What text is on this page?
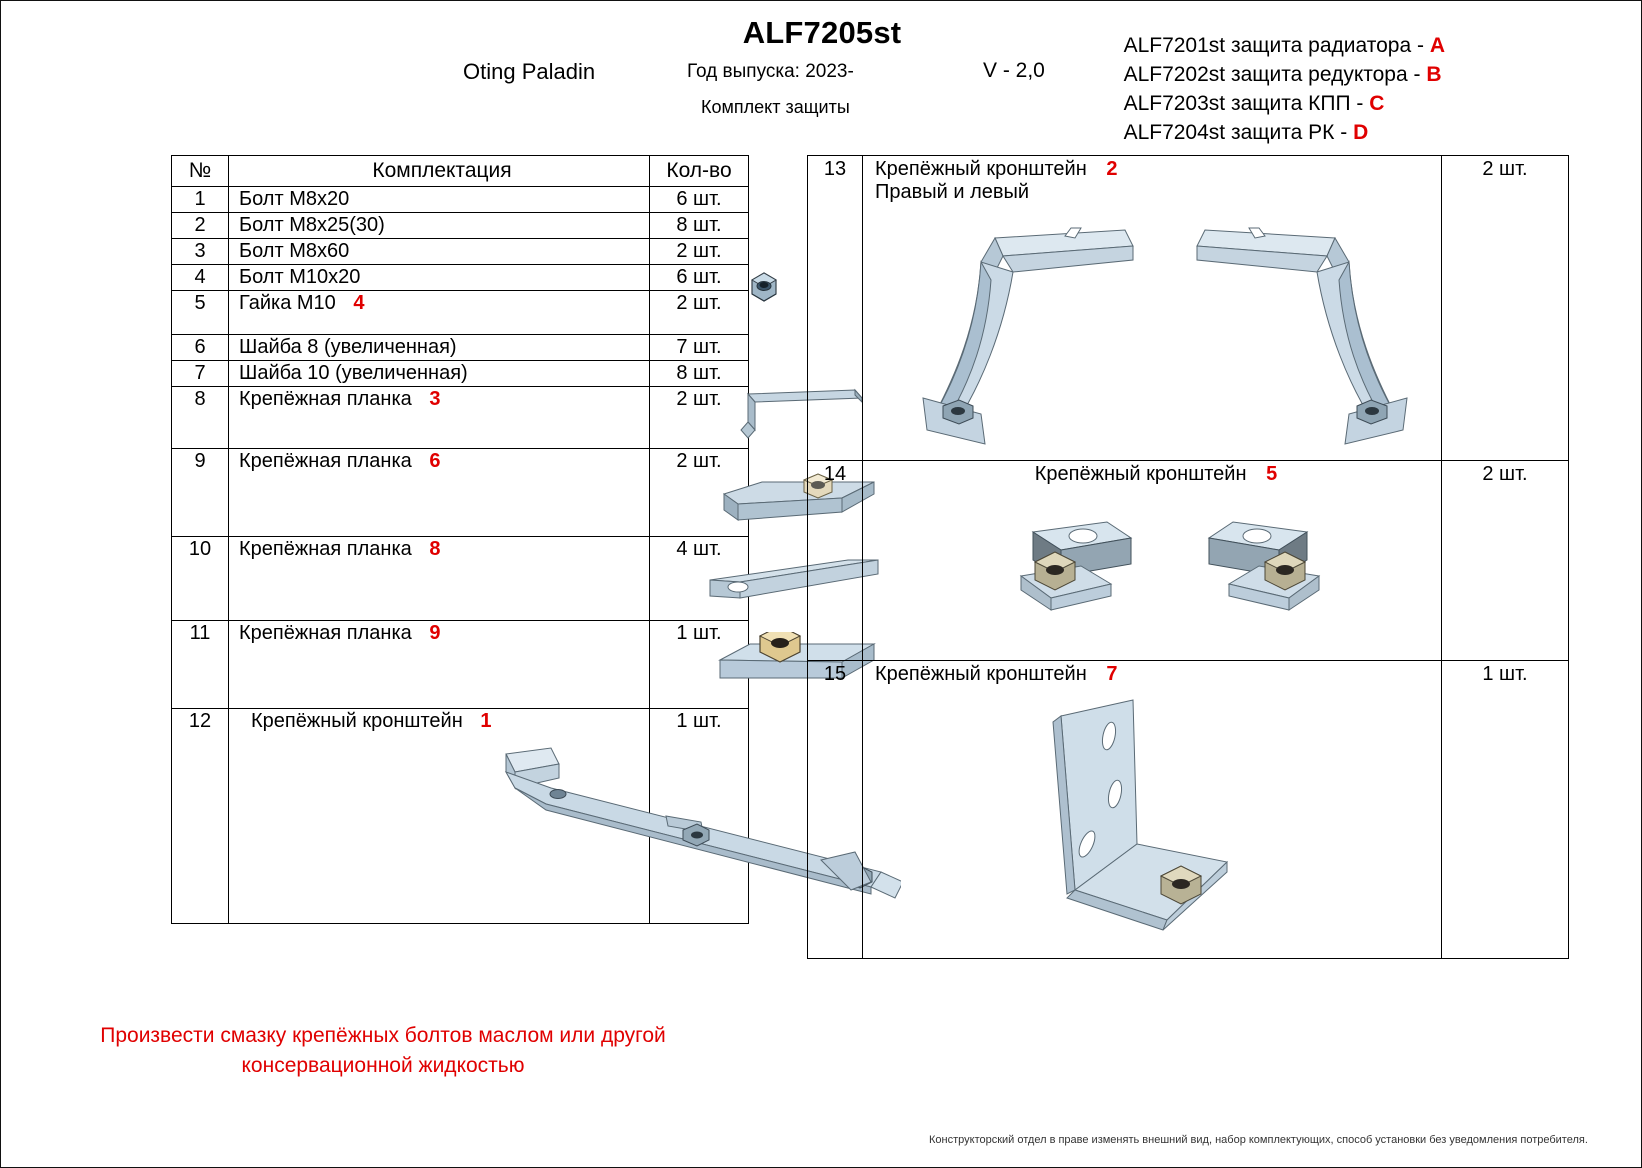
ALF7205st
Oting Paladin	Год выпуска: 2023-	V - 2,0
Комплект защиты
ALF7201st защита радиатора - A
ALF7202st защита редуктора - B
ALF7203st защита КПП - C
ALF7204st защита РК - D
№	Комплектация	Кол-во
1	Болт М8х20	6 шт.
2	Болт М8х25(30)	8 шт.
3	Болт М8х60	2 шт.
4	Болт М10х20	6 шт.
5	Гайка М10 4	2 шт.
6	Шайба 8 (увеличенная)	7 шт.
7	Шайба 10 (увеличенная)	8 шт.
8	Крепёжная планка 3	2 шт.
9	Крепёжная планка 6	2 шт.
10	Крепёжная планка 8	4 шт.
11	Крепёжная планка 9	1 шт.
12	Крепёжный кронштейн 1	1 шт.
13	Крепёжный кронштейн 2
Правый и левый	2 шт.
14	Крепёжный кронштейн 5	2 шт.
15	Крепёжный кронштейн 7	1 шт.
Произвести смазку крепёжных болтов маслом или другой
консервационной жидкостью
Конструкторский отдел в праве изменять внешний вид, набор комплектующих, способ установки без уведомления потребителя.
